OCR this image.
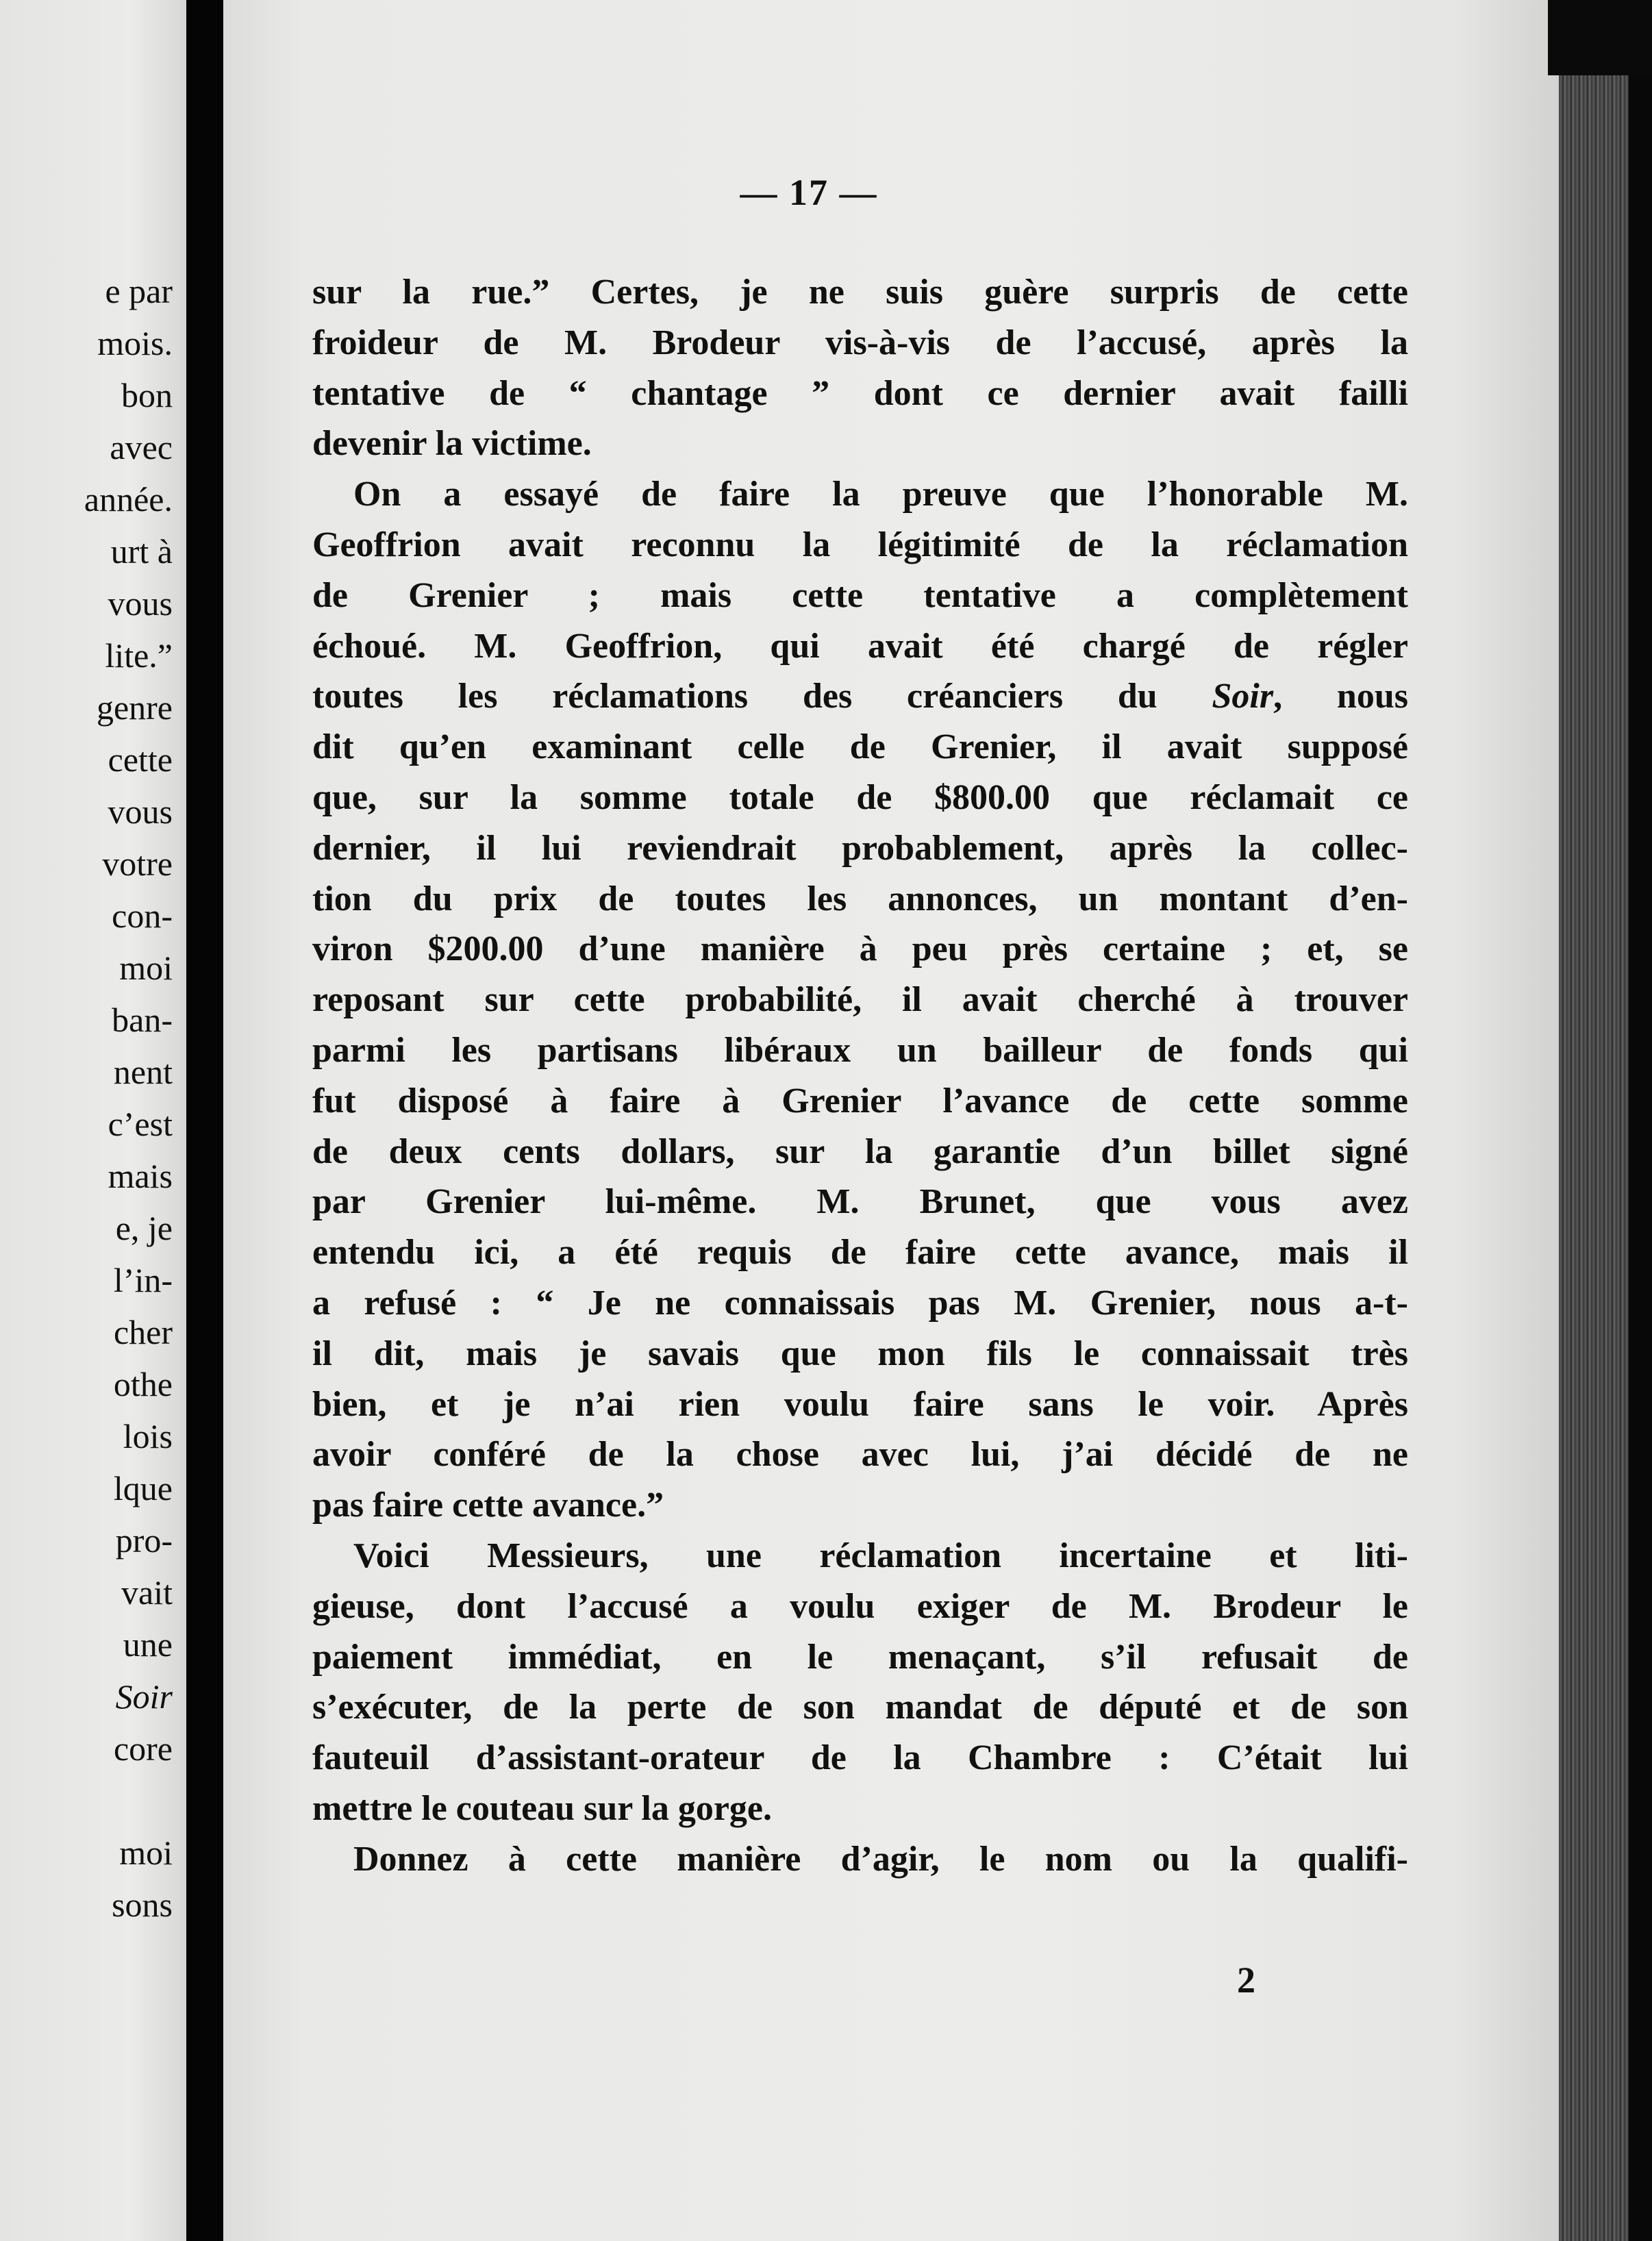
e par
mois.
bon
avec
année.
urt à
vous
lite.”
genre
cette
vous
votre
con-
moi
ban-
nent
c’est
mais
e, je
l’in-
cher
othe
lois
lque
pro-
vait
une
Soir
core
moi
sons
— 17 —
sur la rue.” Certes, je ne suis guère surpris de cette
froideur de M. Brodeur vis-à-vis de l’accusé, après la
tentative de “ chantage ” dont ce dernier avait failli
devenir la victime.
On a essayé de faire la preuve que l’honorable M.
Geoffrion avait reconnu la légitimité de la réclamation
de Grenier ; mais cette tentative a complètement
échoué. M. Geoffrion, qui avait été chargé de régler
toutes les réclamations des créanciers du Soir, nous
dit qu’en examinant celle de Grenier, il avait supposé
que, sur la somme totale de $800.00 que réclamait ce
dernier, il lui reviendrait probablement, après la collec-
tion du prix de toutes les annonces, un montant d’en-
viron $200.00 d’une manière à peu près certaine ; et, se
reposant sur cette probabilité, il avait cherché à trouver
parmi les partisans libéraux un bailleur de fonds qui
fut disposé à faire à Grenier l’avance de cette somme
de deux cents dollars, sur la garantie d’un billet signé
par Grenier lui-même. M. Brunet, que vous avez
entendu ici, a été requis de faire cette avance, mais il
a refusé : “ Je ne connaissais pas M. Grenier, nous a-t-
il dit, mais je savais que mon fils le connaissait très
bien, et je n’ai rien voulu faire sans le voir. Après
avoir conféré de la chose avec lui, j’ai décidé de ne
pas faire cette avance.”
Voici Messieurs, une réclamation incertaine et liti-
gieuse, dont l’accusé a voulu exiger de M. Brodeur le
paiement immédiat, en le menaçant, s’il refusait de
s’exécuter, de la perte de son mandat de député et de son
fauteuil d’assistant-orateur de la Chambre : C’était lui
mettre le couteau sur la gorge.
Donnez à cette manière d’agir, le nom ou la qualifi-
2
